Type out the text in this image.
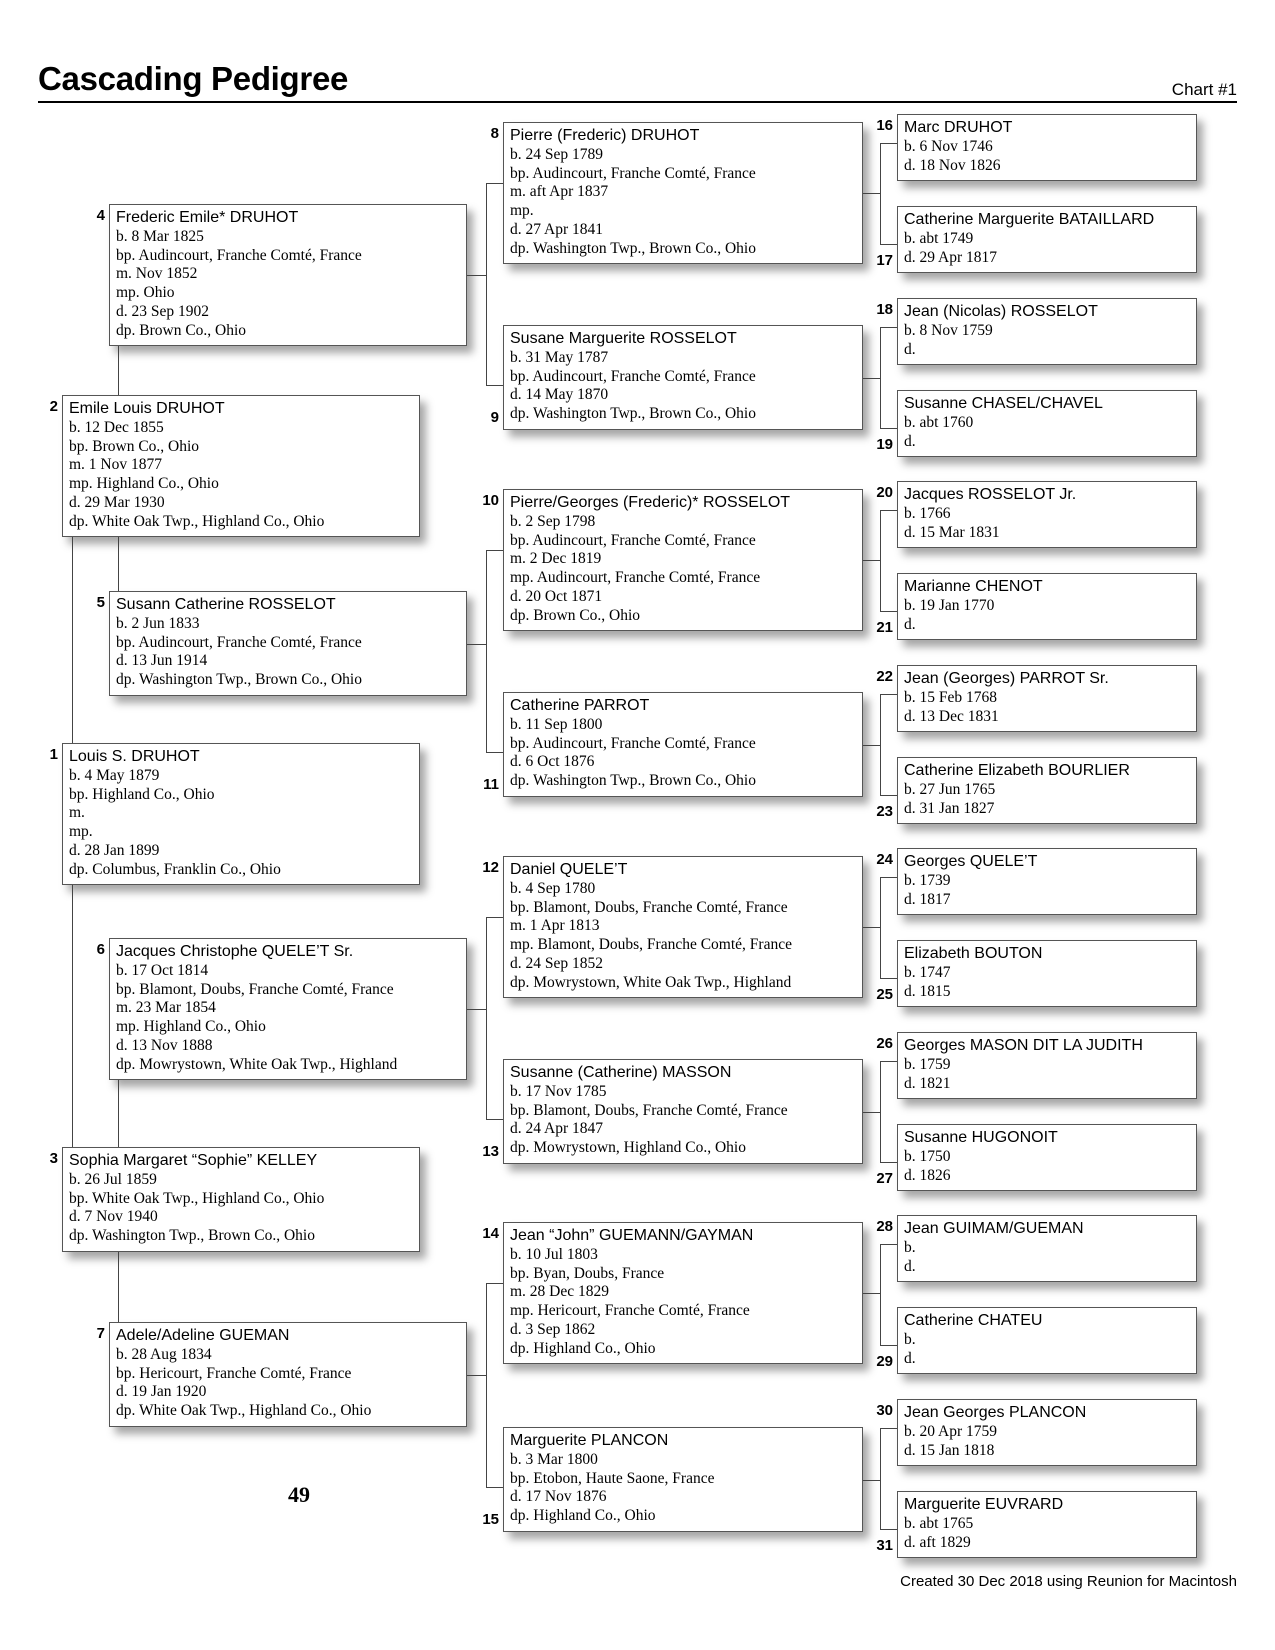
Cascading Pedigree	Chart #1
Louis S. DRUHOT
b. 4 May 1879
bp. Highland Co., Ohio
m.
mp.
d. 28 Jan 1899
dp. Columbus, Franklin Co., Ohio
1
Emile Louis DRUHOT
b. 12 Dec 1855
bp. Brown Co., Ohio
m. 1 Nov 1877
mp. Highland Co., Ohio
d. 29 Mar 1930
dp. White Oak Twp., Highland Co., Ohio
2
Sophia Margaret “Sophie” KELLEY
b. 26 Jul 1859
bp. White Oak Twp., Highland Co., Ohio
d. 7 Nov 1940
dp. Washington Twp., Brown Co., Ohio
3
Frederic Emile* DRUHOT
b. 8 Mar 1825
bp. Audincourt, Franche Comté, France
m. Nov 1852
mp. Ohio
d. 23 Sep 1902
dp. Brown Co., Ohio
4
Susann Catherine ROSSELOT
b. 2 Jun 1833
bp. Audincourt, Franche Comté, France
d. 13 Jun 1914
dp. Washington Twp., Brown Co., Ohio
5
Jacques Christophe QUELE’T Sr.
b. 17 Oct 1814
bp. Blamont, Doubs, Franche Comté, France
m. 23 Mar 1854
mp. Highland Co., Ohio
d. 13 Nov 1888
dp. Mowrystown, White Oak Twp., Highland
6
Adele/Adeline GUEMAN
b. 28 Aug 1834
bp. Hericourt, Franche Comté, France
d. 19 Jan 1920
dp. White Oak Twp., Highland Co., Ohio
7
Pierre (Frederic) DRUHOT
b. 24 Sep 1789
bp. Audincourt, Franche Comté, France
m. aft Apr 1837
mp.
d. 27 Apr 1841
dp. Washington Twp., Brown Co., Ohio
8
Susane Marguerite ROSSELOT
b. 31 May 1787
bp. Audincourt, Franche Comté, France
d. 14 May 1870
dp. Washington Twp., Brown Co., Ohio
9
Pierre/Georges (Frederic)* ROSSELOT
b. 2 Sep 1798
bp. Audincourt, Franche Comté, France
m. 2 Dec 1819
mp. Audincourt, Franche Comté, France
d. 20 Oct 1871
dp. Brown Co., Ohio
10
Catherine PARROT
b. 11 Sep 1800
bp. Audincourt, Franche Comté, France
d. 6 Oct 1876
dp. Washington Twp., Brown Co., Ohio
11
Daniel QUELE’T
b. 4 Sep 1780
bp. Blamont, Doubs, Franche Comté, France
m. 1 Apr 1813
mp. Blamont, Doubs, Franche Comté, France
d. 24 Sep 1852
dp. Mowrystown, White Oak Twp., Highland
12
Susanne (Catherine) MASSON
b. 17 Nov 1785
bp. Blamont, Doubs, Franche Comté, France
d. 24 Apr 1847
dp. Mowrystown, Highland Co., Ohio
13
Jean “John” GUEMANN/GAYMAN
b. 10 Jul 1803
bp. Byan, Doubs, France
m. 28 Dec 1829
mp. Hericourt, Franche Comté, France
d. 3 Sep 1862
dp. Highland Co., Ohio
14
Marguerite PLANCON
b. 3 Mar 1800
bp. Etobon, Haute Saone, France
d. 17 Nov 1876
dp. Highland Co., Ohio
15
Marc DRUHOT
b. 6 Nov 1746
d. 18 Nov 1826
16
Catherine Marguerite BATAILLARD
b. abt 1749
d. 29 Apr 1817
17
Jean (Nicolas) ROSSELOT
b. 8 Nov 1759
d.
18
Susanne CHASEL/CHAVEL
b. abt 1760
d.
19
Jacques ROSSELOT Jr.
b. 1766
d. 15 Mar 1831
20
Marianne CHENOT
b. 19 Jan 1770
d.
21
Jean (Georges) PARROT Sr.
b. 15 Feb 1768
d. 13 Dec 1831
22
Catherine Elizabeth BOURLIER
b. 27 Jun 1765
d. 31 Jan 1827
23
Georges QUELE’T
b. 1739
d. 1817
24
Elizabeth BOUTON
b. 1747
d. 1815
25
Georges MASON DIT LA JUDITH
b. 1759
d. 1821
26
Susanne HUGONOIT
b. 1750
d. 1826
27
Jean GUIMAM/GUEMAN
b.
d.
28
Catherine CHATEU
b.
d.
29
Jean Georges PLANCON
b. 20 Apr 1759
d. 15 Jan 1818
30
Marguerite EUVRARD
b. abt 1765
d. aft 1829
31
49
Created 30 Dec 2018 using Reunion for Macintosh
